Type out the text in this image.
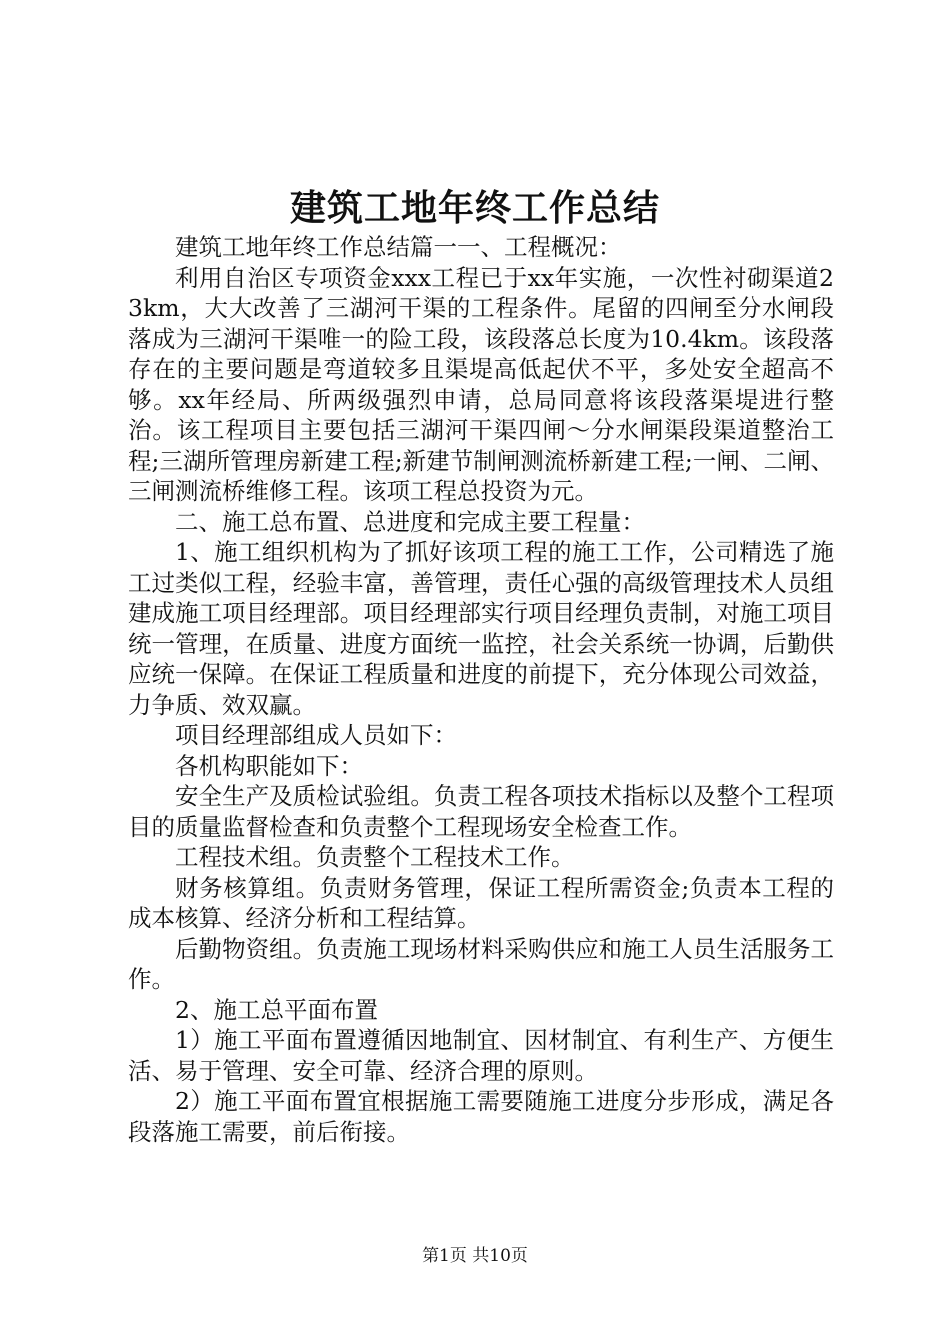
建筑工地年终工作总结

建筑工地年终工作总结篇一一、工程概况：

利用自治区专项资金xxx工程已于xx年实施，一次性衬砌渠道23km，大大改善了三湖河干渠的工程条件。尾留的四闸至分水闸段落成为三湖河干渠唯一的险工段，该段落总长度为10.4km。该段落存在的主要问题是弯道较多且渠堤高低起伏不平，多处安全超高不够。xx年经局、所两级强烈申请，总局同意将该段落渠堤进行整治。该工程项目主要包括三湖河干渠四闸～分水闸渠段渠道整治工程;三湖所管理房新建工程;新建节制闸测流桥新建工程;一闸、二闸、三闸测流桥维修工程。该项工程总投资为元。

二、施工总布置、总进度和完成主要工程量：

1、施工组织机构为了抓好该项工程的施工工作，公司精选了施工过类似工程，经验丰富，善管理，责任心强的高级管理技术人员组建成施工项目经理部。项目经理部实行项目经理负责制，对施工项目统一管理，在质量、进度方面统一监控，社会关系统一协调，后勤供应统一保障。在保证工程质量和进度的前提下，充分体现公司效益，力争质、效双赢。

项目经理部组成人员如下：

各机构职能如下：

安全生产及质检试验组。负责工程各项技术指标以及整个工程项目的质量监督检查和负责整个工程现场安全检查工作。

工程技术组。负责整个工程技术工作。

财务核算组。负责财务管理，保证工程所需资金;负责本工程的成本核算、经济分析和工程结算。

后勤物资组。负责施工现场材料采购供应和施工人员生活服务工作。

2、施工总平面布置

1）施工平面布置遵循因地制宜、因材制宜、有利生产、方便生活、易于管理、安全可靠、经济合理的原则。

2）施工平面布置宜根据施工需要随施工进度分步形成，满足各段落施工需要，前后衔接。

第1页 共10页
